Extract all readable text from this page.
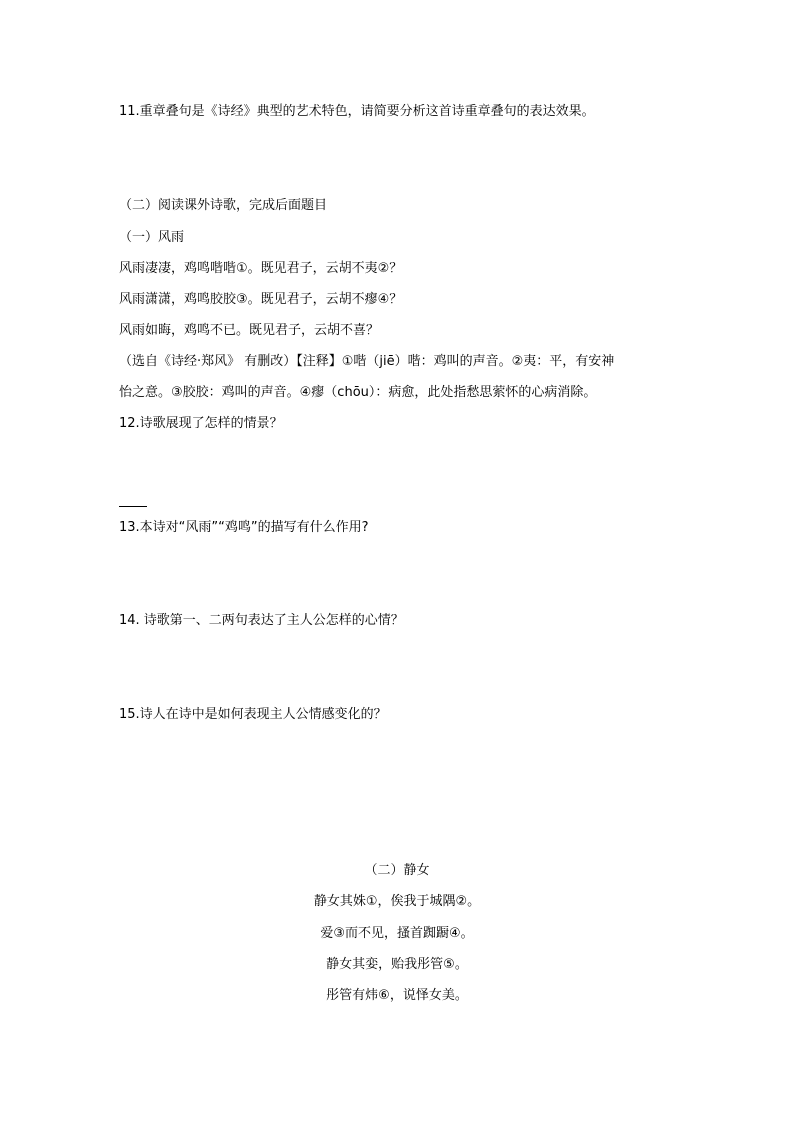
11.重章叠句是《诗经》典型的艺术特色，请简要分析这首诗重章叠句的表达效果。
（二）阅读课外诗歌，完成后面题目
（一）风雨
风雨凄凄，鸡鸣喈喈①。既见君子，云胡不夷②？
风雨潇潇，鸡鸣胶胶③。既见君子，云胡不瘳④？
风雨如晦，鸡鸣不已。既见君子，云胡不喜？
（选自《诗经·郑风》 有删改）【注释】①喈（jiē）喈：鸡叫的声音。②夷：平，有安神
怡之意。③胶胶：鸡叫的声音。④瘳（chōu）：病愈，此处指愁思萦怀的心病消除。
12.诗歌展现了怎样的情景？
13.本诗对“风雨”“鸡鸣”的描写有什么作用?
14. 诗歌第一、二两句表达了主人公怎样的心情？
15.诗人在诗中是如何表现主人公情感变化的？
（二）静女
静女其姝①，俟我于城隅②。
爱③而不见，搔首踟蹰④。
静女其娈，贻我彤管⑤。
彤管有炜⑥，说怿女美。
